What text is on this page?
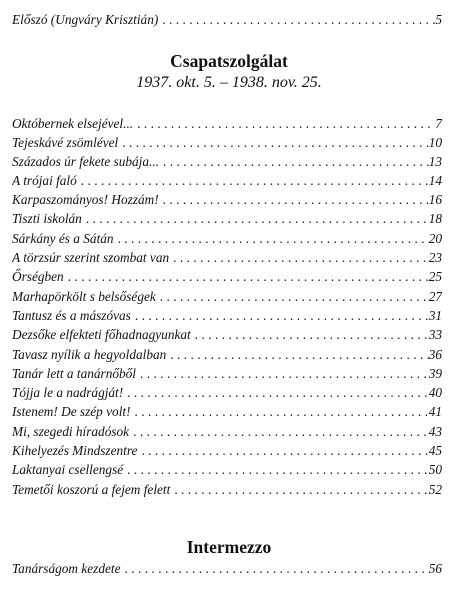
Előszó (Ungváry Krisztián) . . .	5
Csapatszolgálat
1937. okt. 5. – 1938. nov. 25.
Októbernek elsejével... . . .	7
Tejeskávé zsömlével . . .	10
Százados úr fekete subája... . . .	13
A trójai faló . . .	14
Karpaszományos! Hozzám! . . .	16
Tiszti iskolán . . .	18
Sárkány és a Sátán . . .	20
A törzsúr szerint szombat van . . .	23
Őrségben . . .	25
Marhapörkölt s belsőségek . . .	27
Tantusz és a mászóvas . . .	31
Dezsőke elfekteti főhadnagyunkat . . .	33
Tavasz nyílik a hegyoldalban . . .	36
Tanár lett a tanárnőből . . .	39
Tójja le a nadrágját! . . .	40
Istenem! De szép volt! . . .	41
Mi, szegedi híradósok . . .	43
Kihelyezés Mindszentre . . .	45
Laktanyai csellengsé . . .	50
Temetői koszorú a fejem felett . . .	52
Intermezzo
Tanárságom kezdete . . .	56
